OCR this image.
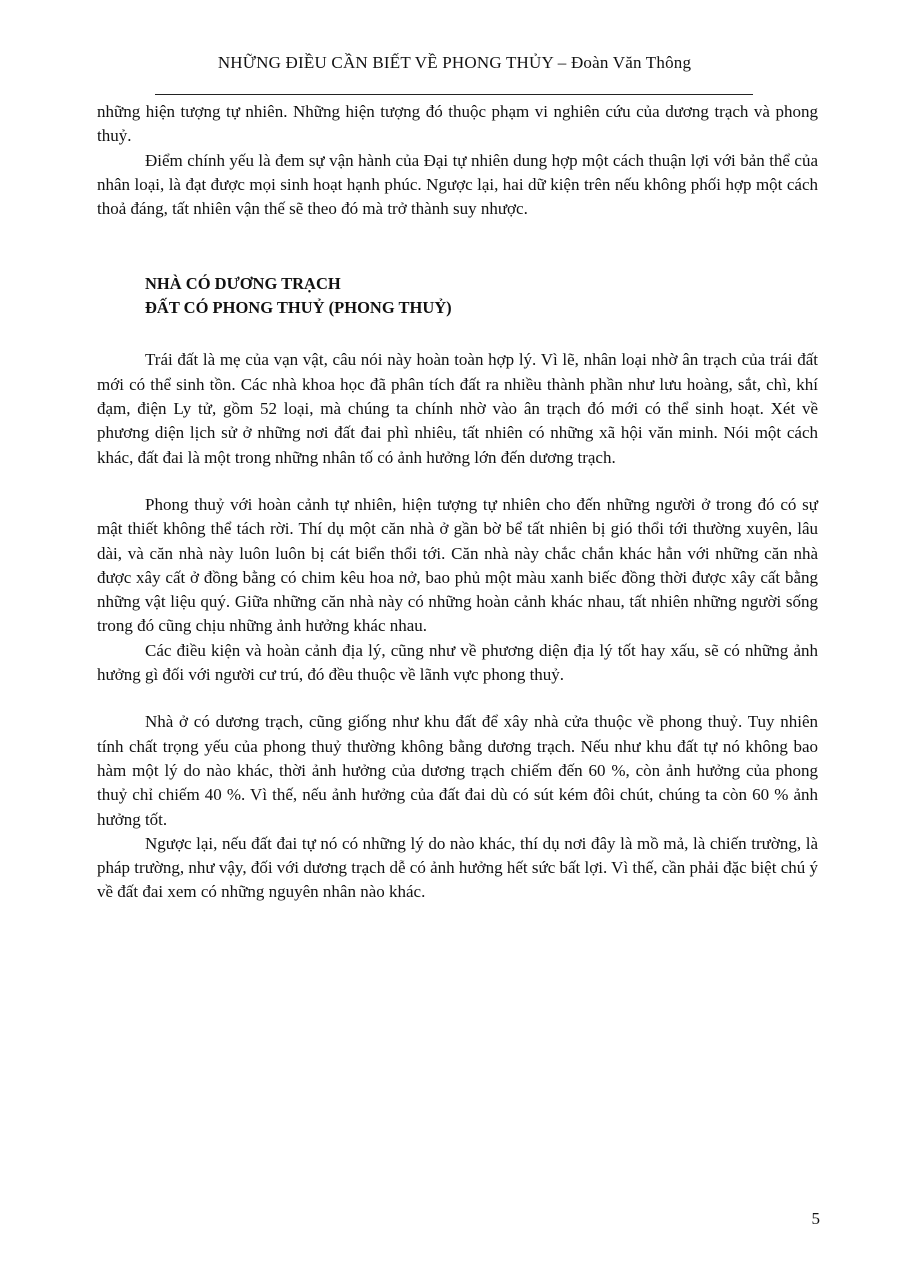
NHỮNG ĐIỀU CẦN BIẾT VỀ PHONG THỦY – Đoàn Văn Thông

những hiện tượng tự nhiên. Những hiện tượng đó thuộc phạm vi nghiên cứu của dương trạch và phong thuỷ.

Điểm chính yếu là đem sự vận hành của Đại tự nhiên dung hợp một cách thuận lợi với bản thể của nhân loại, là đạt được mọi sinh hoạt hạnh phúc. Ngược lại, hai dữ kiện trên nếu không phối hợp một cách thoả đáng, tất nhiên vận thế sẽ theo đó mà trở thành suy nhược.

NHÀ CÓ DƯƠNG TRẠCH
ĐẤT CÓ PHONG THUỶ (PHONG THUỶ)

Trái đất là mẹ của vạn vật, câu nói này hoàn toàn hợp lý. Vì lẽ, nhân loại nhờ ân trạch của trái đất mới có thể sinh tồn. Các nhà khoa học đã phân tích đất ra nhiều thành phần như lưu hoàng, sắt, chì, khí đạm, điện Ly tử, gồm 52 loại, mà chúng ta chính nhờ vào ân trạch đó mới có thể sinh hoạt. Xét về phương diện lịch sử ở những nơi đất đai phì nhiêu, tất nhiên có những xã hội văn minh. Nói một cách khác, đất đai là một trong những nhân tố có ảnh hưởng lớn đến dương trạch.

Phong thuỷ với hoàn cảnh tự nhiên, hiện tượng tự nhiên cho đến những người ở trong đó có sự mật thiết không thể tách rời. Thí dụ một căn nhà ở gần bờ bể tất nhiên bị gió thổi tới thường xuyên, lâu dài, và căn nhà này luôn luôn bị cát biển thổi tới. Căn nhà này chắc chắn khác hẳn với những căn nhà được xây cất ở đồng bằng có chim kêu hoa nở, bao phủ một màu xanh biếc đồng thời được xây cất bằng những vật liệu quý. Giữa những căn nhà này có những hoàn cảnh khác nhau, tất nhiên những người sống trong đó cũng chịu những ảnh hưởng khác nhau.

Các điều kiện và hoàn cảnh địa lý, cũng như về phương diện địa lý tốt hay xấu, sẽ có những ảnh hưởng gì đối với người cư trú, đó đều thuộc về lãnh vực phong thuỷ.

Nhà ở có dương trạch, cũng giống như khu đất để xây nhà cửa thuộc về phong thuỷ. Tuy nhiên tính chất trọng yếu của phong thuỷ thường không bằng dương trạch. Nếu như khu đất tự nó không bao hàm một lý do nào khác, thời ảnh hưởng của dương trạch chiếm đến 60 %, còn ảnh hưởng của phong thuỷ chỉ chiếm 40 %. Vì thế, nếu ảnh hưởng của đất đai dù có sút kém đôi chút, chúng ta còn 60 % ảnh hưởng tốt.

Ngược lại, nếu đất đai tự nó có những lý do nào khác, thí dụ nơi đây là mồ mả, là chiến trường, là pháp trường, như vậy, đối với dương trạch dễ có ảnh hưởng hết sức bất lợi. Vì thế, cần phải đặc biệt chú ý về đất đai xem có những nguyên nhân nào khác.

5
